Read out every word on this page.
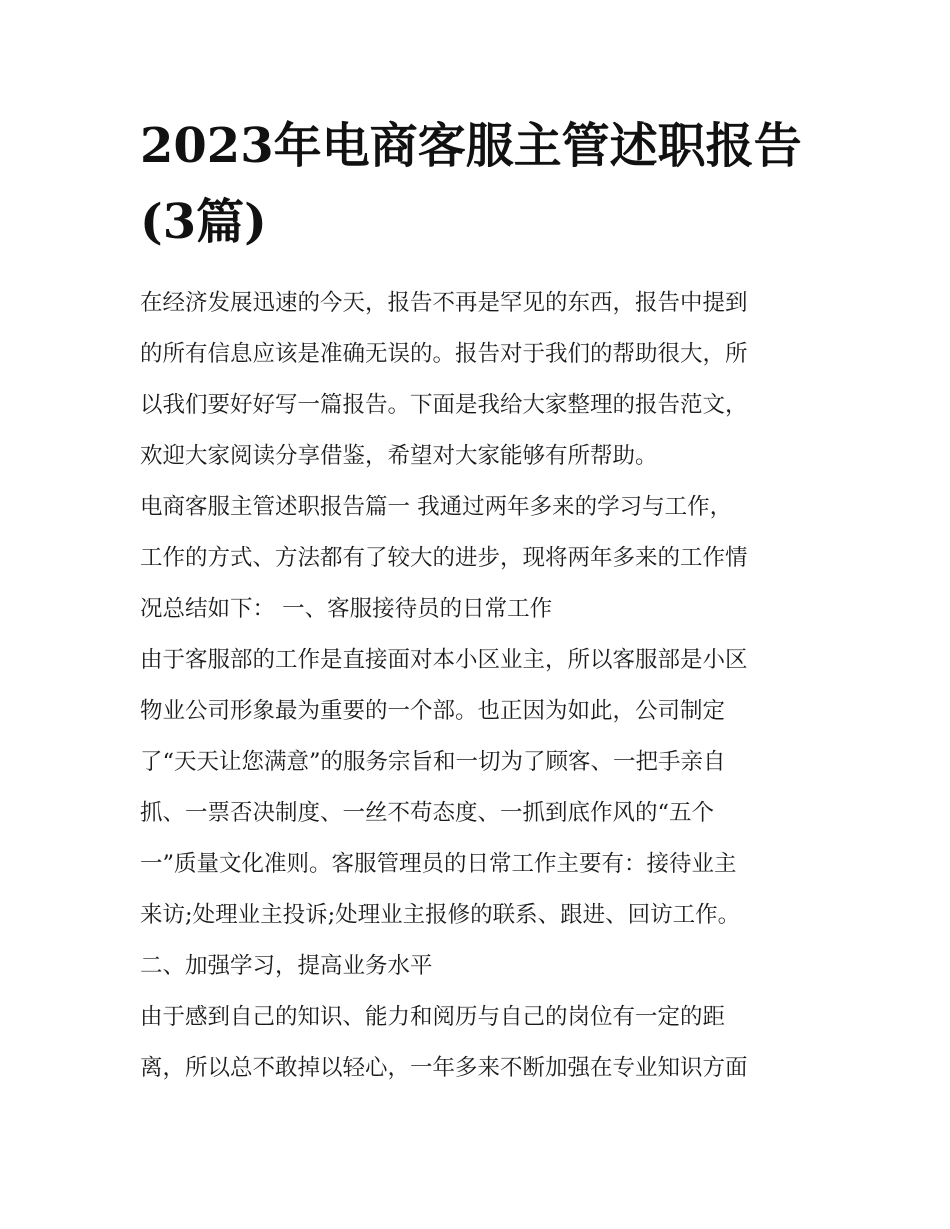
2023年电商客服主管述职报告
(3篇)
在经济发展迅速的今天，报告不再是罕见的东西，报告中提到
的所有信息应该是准确无误的。报告对于我们的帮助很大，所
以我们要好好写一篇报告。下面是我给大家整理的报告范文，
欢迎大家阅读分享借鉴，希望对大家能够有所帮助。
电商客服主管述职报告篇一 我通过两年多来的学习与工作，
工作的方式、方法都有了较大的进步，现将两年多来的工作情
况总结如下： 一、客服接待员的日常工作
由于客服部的工作是直接面对本小区业主，所以客服部是小区
物业公司形象最为重要的一个部。也正因为如此，公司制定
了“天天让您满意”的服务宗旨和一切为了顾客、一把手亲自
抓、一票否决制度、一丝不苟态度、一抓到底作风的“五个
一”质量文化准则。客服管理员的日常工作主要有：接待业主
来访;处理业主投诉;处理业主报修的联系、跟进、回访工作。
二、加强学习，提高业务水平
由于感到自己的知识、能力和阅历与自己的岗位有一定的距
离，所以总不敢掉以轻心，一年多来不断加强在专业知识方面
